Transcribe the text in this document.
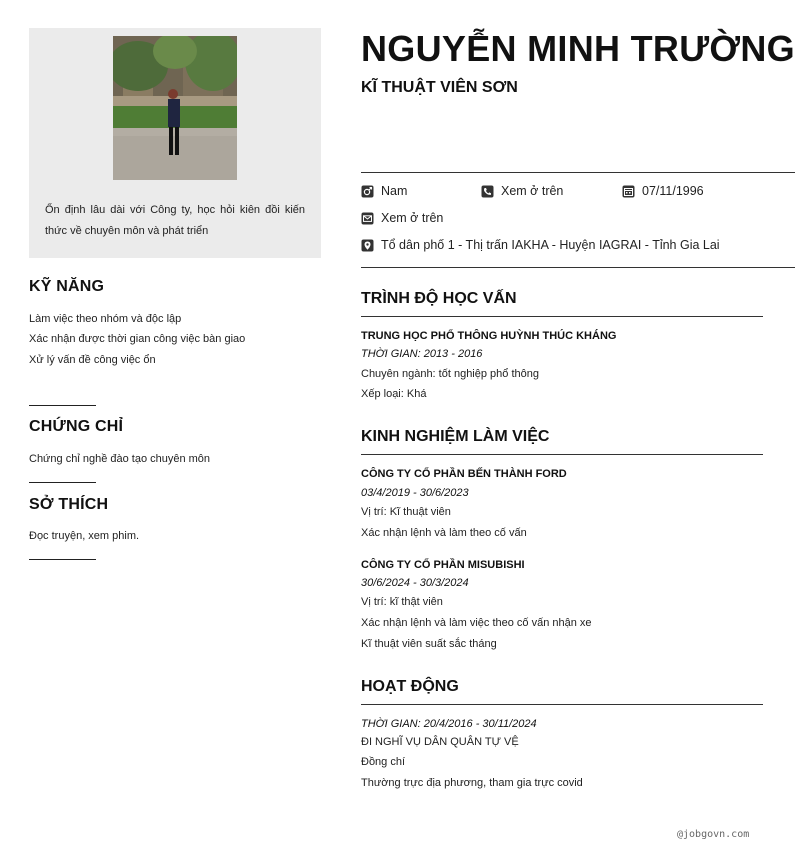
Ổn định lâu dài với Công ty, học hỏi kiên đồi kiến thức về chuyên môn và phát triển
KỸ NĂNG
Làm việc theo nhóm và độc lập
Xác nhận được thời gian công việc bàn giao
Xử lý vấn đề công việc ổn
CHỨNG CHỈ
Chứng chỉ nghề đào tạo chuyên môn
SỞ THÍCH
Đọc truyện, xem phim.
NGUYỄN MINH TRƯỜNG
KĨ THUẬT VIÊN SƠN
Nam	Xem ở trên	07/11/1996
Xem ở trên
Tổ dân phố 1 - Thị trấn IAKHA - Huyện IAGRAI - Tỉnh Gia Lai
TRÌNH ĐỘ HỌC VẤN
TRUNG HỌC PHỔ THÔNG HUỲNH THÚC KHÁNG
THỜI GIAN: 2013 - 2016
Chuyên ngành: tốt nghiệp phổ thông
Xếp loại: Khá
KINH NGHIỆM LÀM VIỆC
CÔNG TY CỔ PHẦN BẾN THÀNH FORD
03/4/2019 - 30/6/2023
Vị trí: Kĩ thuật viên
Xác nhận lệnh và làm theo cố vấn
CÔNG TY CỔ PHẦN MISUBISHI
30/6/2024 - 30/3/2024
Vị trí: kĩ thật viên
Xác nhận lệnh và làm việc theo cố vấn nhận xe
Kĩ thuật viên suất sắc tháng
HOẠT ĐỘNG
THỜI GIAN: 20/4/2016 - 30/11/2024
ĐI NGHĨ VỤ DÂN QUÂN TỰ VỆ
Đồng chí
Thường trực địa phương, tham gia trực covid
@jobgovn.com
